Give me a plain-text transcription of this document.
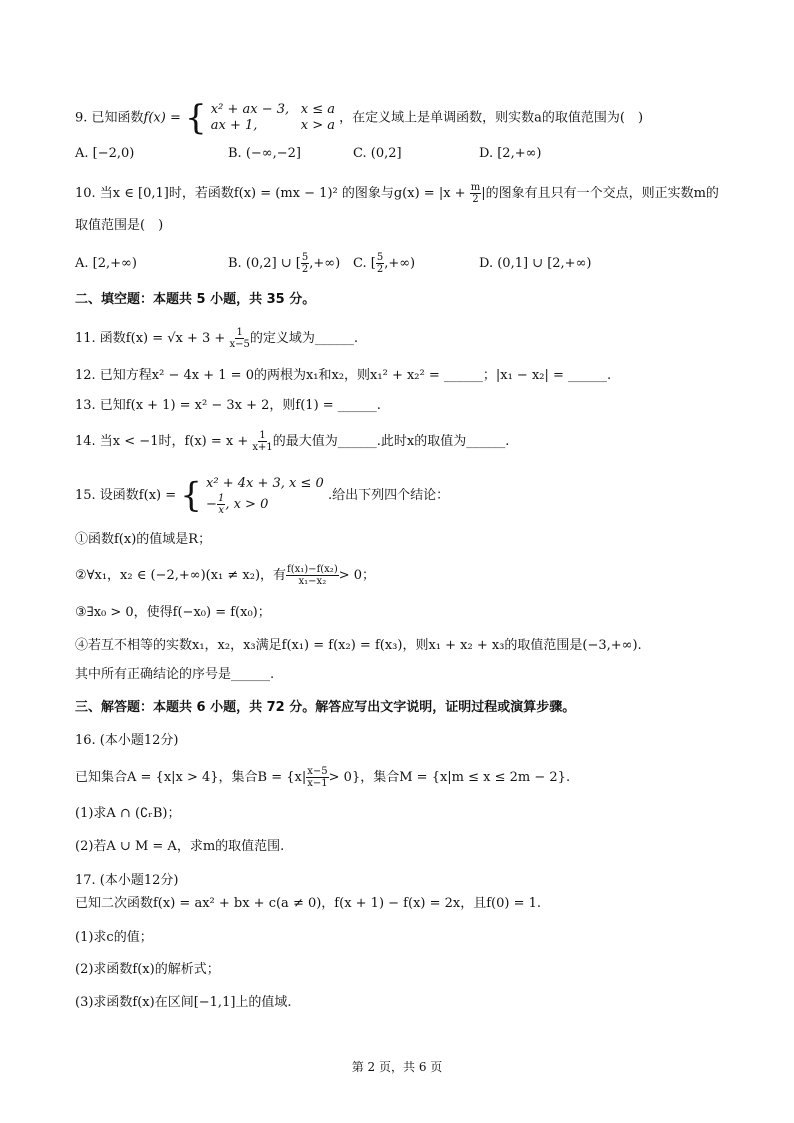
9. 已知函数f(x) = { x² + ax − 3, x ≤ a
ax + 1,	x > a ，在定义域上是单调函数，则实数a的取值范围为(　)
A. [−2,0)	B. (−∞,−2]	C. (0,2]	D. [2,+∞)
10. 当x ∈ [0,1]时，若函数f(x) = (mx − 1)² 的图象与$g(x) = |x + \frac{m}{2}$ |的图象有且只有一个交点，则正实数m的
取值范围是(　)
A. [2,+∞)	B. (0,2] ∪ [ $\frac{5}{2}$ ,+∞) C. [ $\frac{5}{2}$ ,+∞)	D. (0,1] ∪ [2,+∞)
二、填空题：本题共 5 小题，共 35 分。
11. 函数$f(x) = √x + 3 + \frac{1}{x-5}$ 的定义域为______.
12. 已知方程x² − 4x + 1 = 0的两根为x₁和x₂，则x₁² + x₂² = ______；|x₁ − x₂| = ______.
13. 已知f(x + 1) = x² − 3x + 2，则f(1) = ______.
14. 当x < −1时，$f(x) = x + \frac{1}{x+1}$ 的最大值为______.此时x的取值为______.
15. 设函数f(x) = { x² + 4x + 3, x ≤ 0
− $\frac{1}{x}$ , x > 0 .给出下列四个结论：
①函数f(x)的值域是R；
②∀x₁，x₂ ∈ (−2,+∞)(x₁ ≠ x₂)，有 $\frac{\text{f(x₁)−f(x₂)}}{\text{x₁−x₂}} > 0$；
③∃x₀ > 0，使得f(−x₀) = f(x₀)；
④若互不相等的实数x₁，x₂，x₃满足f(x₁) = f(x₂) = f(x₃)，则x₁ + x₂ + x₃的取值范围是(−3,+∞).
其中所有正确结论的序号是______.
三、解答题：本题共 6 小题，共 72 分。解答应写出文字说明，证明过程或演算步骤。
16. (本小题12分)
已知集合A = {x|x > 4}，集合$B = \{x| \frac{x-5}{x-1} > 0\}$，集合M = {x|m ≤ x ≤ 2m − 2}.
(1)求A ∩ (∁ᵣB)；
(2)若A ∪ M = A，求m的取值范围.
17. (本小题12分)
已知二次函数f(x) = ax² + bx + c(a ≠ 0)，f(x + 1) − f(x) = 2x，且f(0) = 1.
(1)求c的值；
(2)求函数f(x)的解析式；
(3)求函数f(x)在区间[−1,1]上的值域.
第 2 页，共 6 页
